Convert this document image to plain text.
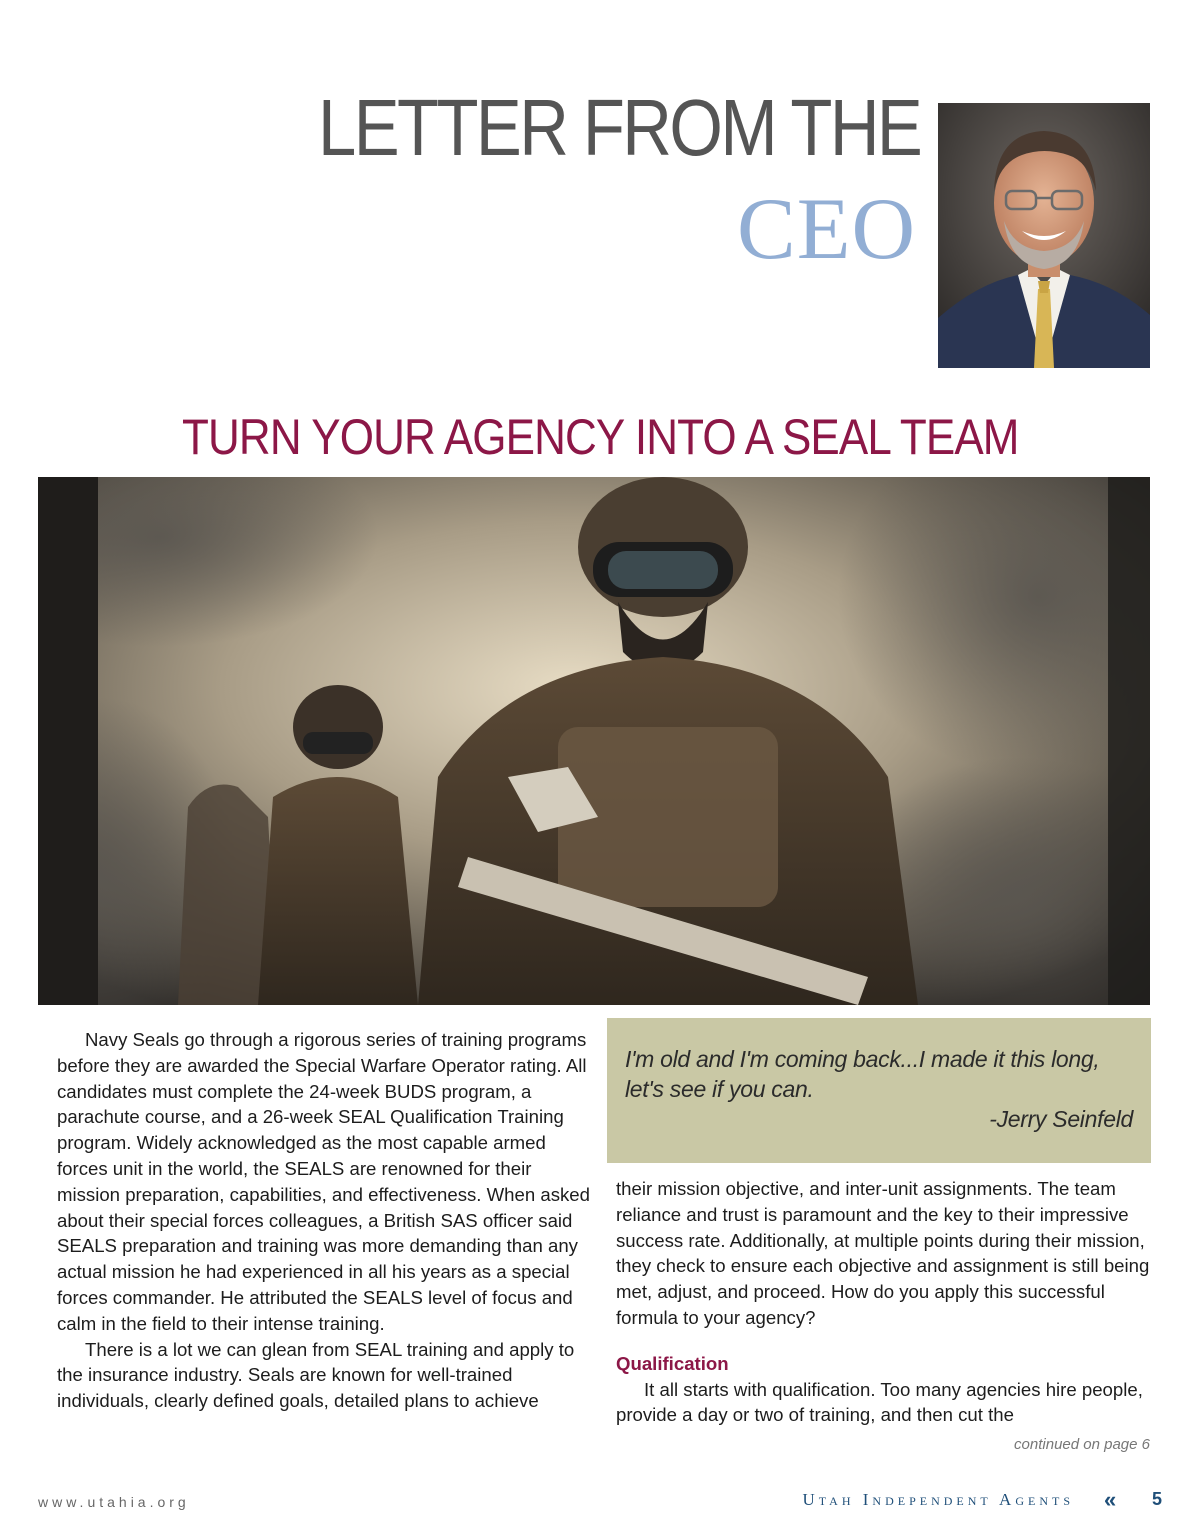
LETTER FROM THE
CEO
TURN YOUR AGENCY INTO A SEAL TEAM

Navy Seals go through a rigorous series of training programs before they are awarded the Special Warfare Operator rating. All candidates must complete the 24-week BUDS program, a parachute course, and a 26-week SEAL Qualification Training program. Widely acknowledged as the most capable armed forces unit in the world, the SEALS are renowned for their mission preparation, capabilities, and effectiveness. When asked about their special forces colleagues, a British SAS officer said SEALS preparation and training was more demanding than any actual mission he had experienced in all his years as a special forces commander. He attributed the SEALS level of focus and calm in the field to their intense training.

There is a lot we can glean from SEAL training and apply to the insurance industry. Seals are known for well-trained individuals, clearly defined goals, detailed plans to achieve

I'm old and I'm coming back...I made it this long, let's see if you can.
-Jerry Seinfeld

their mission objective, and inter-unit assignments. The team reliance and trust is paramount and the key to their impressive success rate. Additionally, at multiple points during their mission, they check to ensure each objective and assignment is still being met, adjust, and proceed. How do you apply this successful formula to your agency?

Qualification

It all starts with qualification. Too many agencies hire people, provide a day or two of training, and then cut the

continued on page 6
www.utahia.org	Utah Independent Agents « 5
